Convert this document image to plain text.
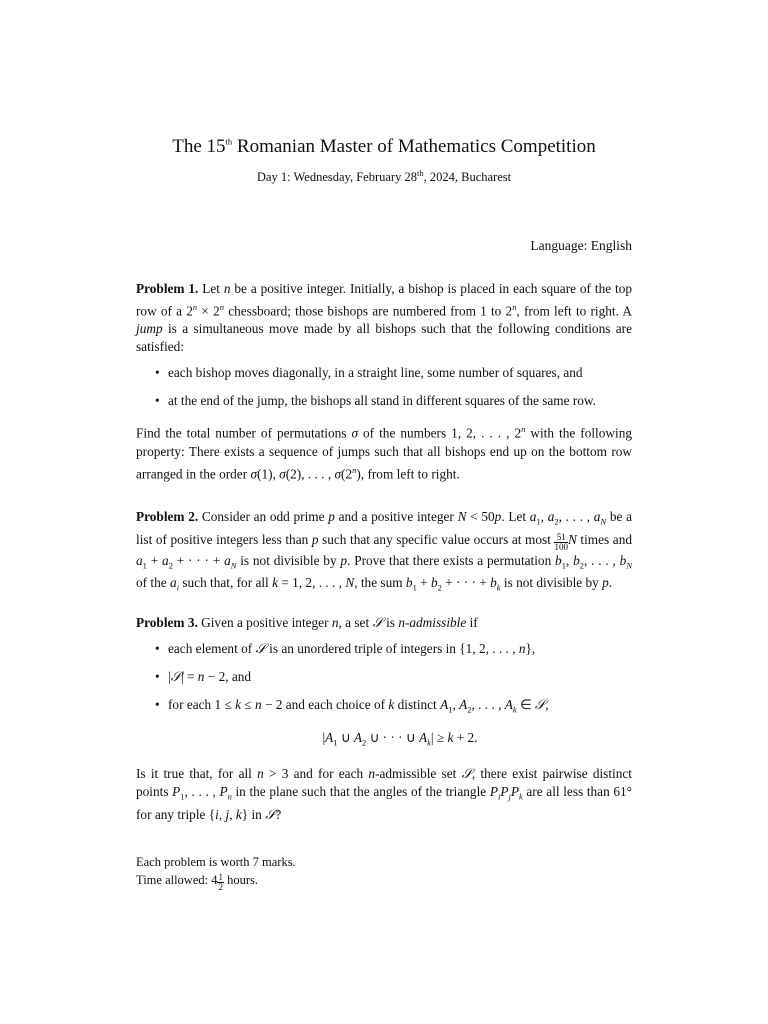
The 15th Romanian Master of Mathematics Competition
Day 1: Wednesday, February 28th, 2024, Bucharest
Language: English
Problem 1. Let n be a positive integer. Initially, a bishop is placed in each square of the top row of a $2^n \times 2^n$ chessboard; those bishops are numbered from 1 to 2$^n$, from left to right. A jump is a simultaneous move made by all bishops such that the following conditions are satisfied:
• each bishop moves diagonally, in a straight line, some number of squares, and
• at the end of the jump, the bishops all stand in different squares of the same row.
Find the total number of permutations σ of the numbers 1, 2, . . . , 2$^n$ with the following property: There exists a sequence of jumps such that all bishops end up on the bottom row arranged in the order σ(1), σ(2), . . . , σ(2$^n$), from left to right.
Problem 2. Consider an odd prime p and a positive integer N < 50p. Let $a_1$, $a_2$, . . . , $a_N$ be a list of positive integers less than p such that any specific value occurs at most $\frac{51}{100}$ N times and $a_1 + a_2$ + · · · + $a_N$ is not divisible by p. Prove that there exists a permutation $b_1$, $b_2$, . . . , $b_N$ of the $a_i$ such that, for all k = 1, 2, . . . , N, the sum $b_1 + b_2$ + · · · + $b_k$ is not divisible by p.
Problem 3. Given a positive integer n, a set 𝒮 is n-admissible if
• each element of 𝒮 is an unordered triple of integers in {1, 2, . . . , n},
• |𝒮| = n − 2, and
• for each 1 ≤ k ≤ n − 2 and each choice of k distinct $A_1$, $A_2$, . . . , $A_k$ ∈ 𝒮,
$|A_1$ ∪ $A_2$ ∪ · · · ∪ $A_k| \ge k + 2$.
Is it true that, for all n > 3 and for each n-admissible set 𝒮, there exist pairwise distinct points $P_1$, . . . , $P_n$ in the plane such that the angles of the triangle $P_iP_jP_k$ are all less than 61° for any triple {i, j, k} in 𝒮?
Each problem is worth 7 marks.
Time allowed: $4 \frac{1}{2}$ hours.
